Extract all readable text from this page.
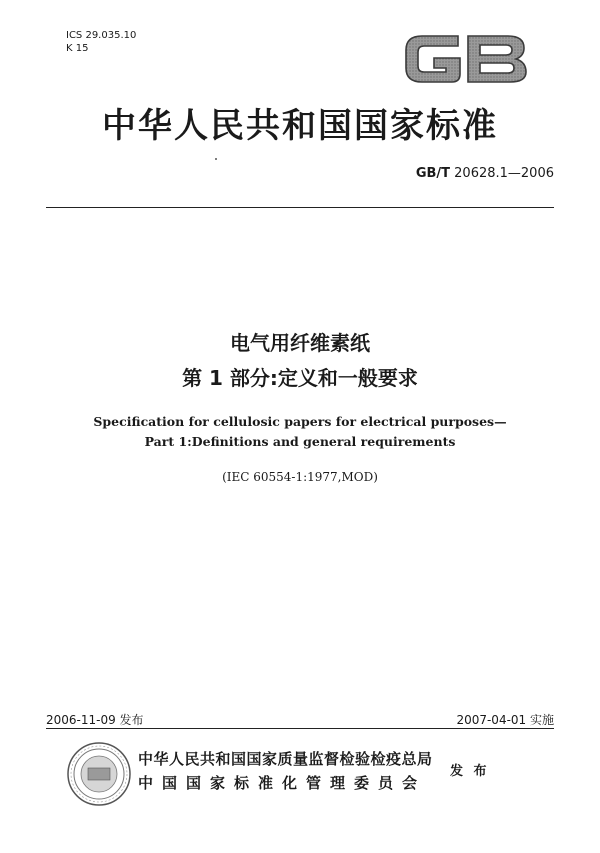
ICS 29.035.10
K 15
中华人民共和国国家标准
GB/T 20628.1—2006
电气用纤维素纸
第 1 部分:定义和一般要求
Specification for cellulosic papers for electrical purposes—
Part 1:Definitions and general requirements
(IEC 60554-1:1977,MOD)
2006-11-09 发布	2007-04-01 实施
中华人民共和国国家质量监督检验检疫总局
中国国家标准化管理委员会
发 布
